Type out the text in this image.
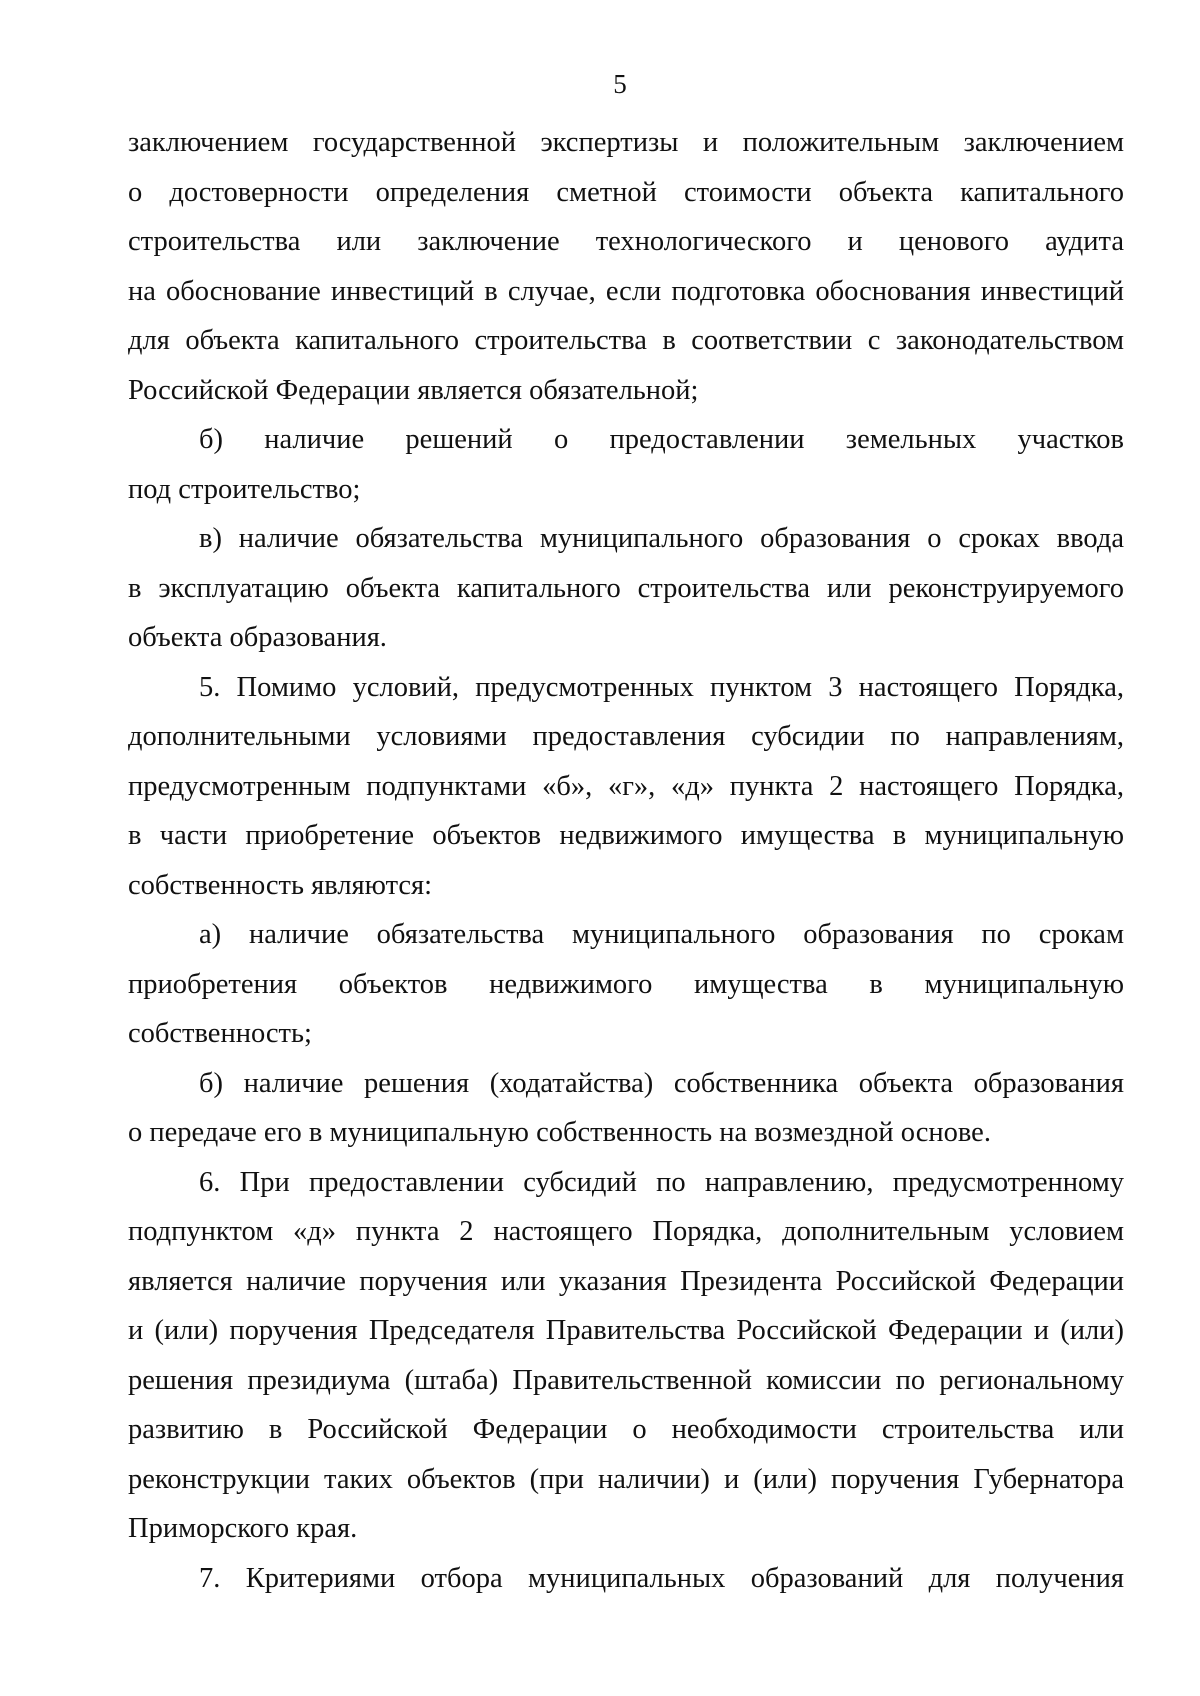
5
заключением государственной экспертизы и положительным заключением
о достоверности определения сметной стоимости объекта капитального
строительства или заключение технологического и ценового аудита
на обоснование инвестиций в случае, если подготовка обоснования инвестиций
для объекта капитального строительства в соответствии с законодательством
Российской Федерации является обязательной;
б) наличие решений о предоставлении земельных участков
под строительство;
в) наличие обязательства муниципального образования о сроках ввода
в эксплуатацию объекта капитального строительства или реконструируемого
объекта образования.
5. Помимо условий, предусмотренных пунктом 3 настоящего Порядка,
дополнительными условиями предоставления субсидии по направлениям,
предусмотренным подпунктами «б», «г», «д» пункта 2 настоящего Порядка,
в части приобретение объектов недвижимого имущества в муниципальную
собственность являются:
а) наличие обязательства муниципального образования по срокам
приобретения объектов недвижимого имущества в муниципальную
собственность;
б) наличие решения (ходатайства) собственника объекта образования
о передаче его в муниципальную собственность на возмездной основе.
6. При предоставлении субсидий по направлению, предусмотренному
подпунктом «д» пункта 2 настоящего Порядка, дополнительным условием
является наличие поручения или указания Президента Российской Федерации
и (или) поручения Председателя Правительства Российской Федерации и (или)
решения президиума (штаба) Правительственной комиссии по региональному
развитию в Российской Федерации о необходимости строительства или
реконструкции таких объектов (при наличии) и (или) поручения Губернатора
Приморского края.
7. Критериями отбора муниципальных образований для получения
